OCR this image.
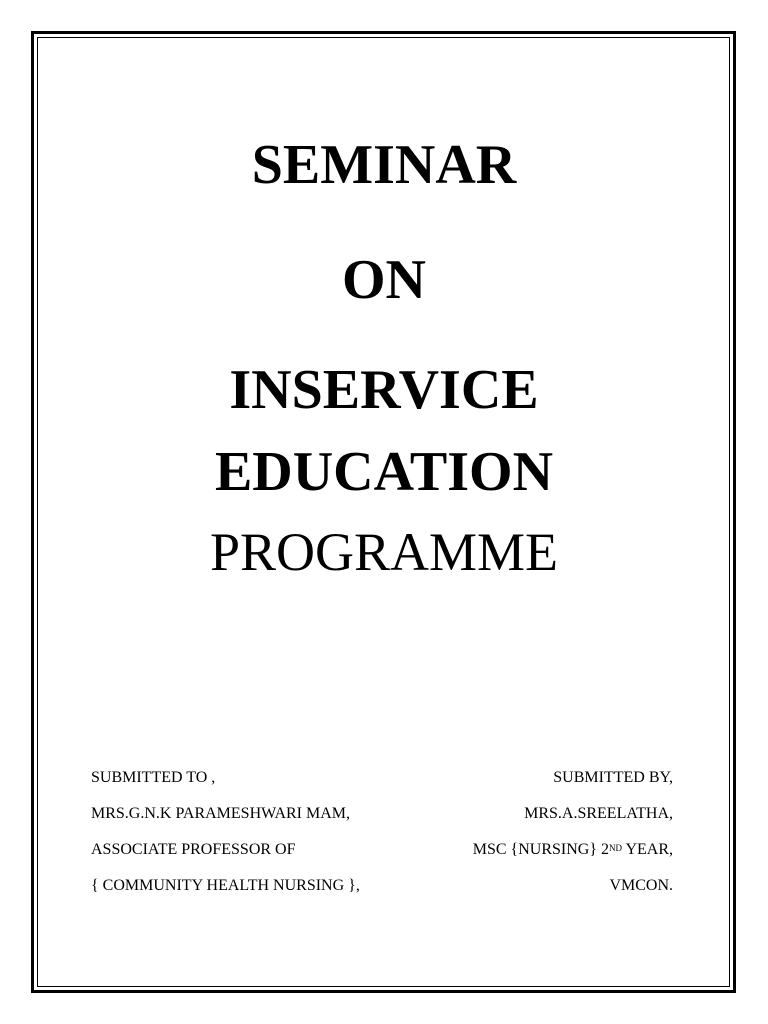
SEMINAR
ON
INSERVICE
EDUCATION
PROGRAMME
SUBMITTED TO ,
MRS.G.N.K PARAMESHWARI MAM,
ASSOCIATE PROFESSOR OF
{ COMMUNITY HEALTH NURSING },
SUBMITTED BY,
MRS.A.SREELATHA,
MSC {NURSING} 2ND YEAR,
VMCON.
